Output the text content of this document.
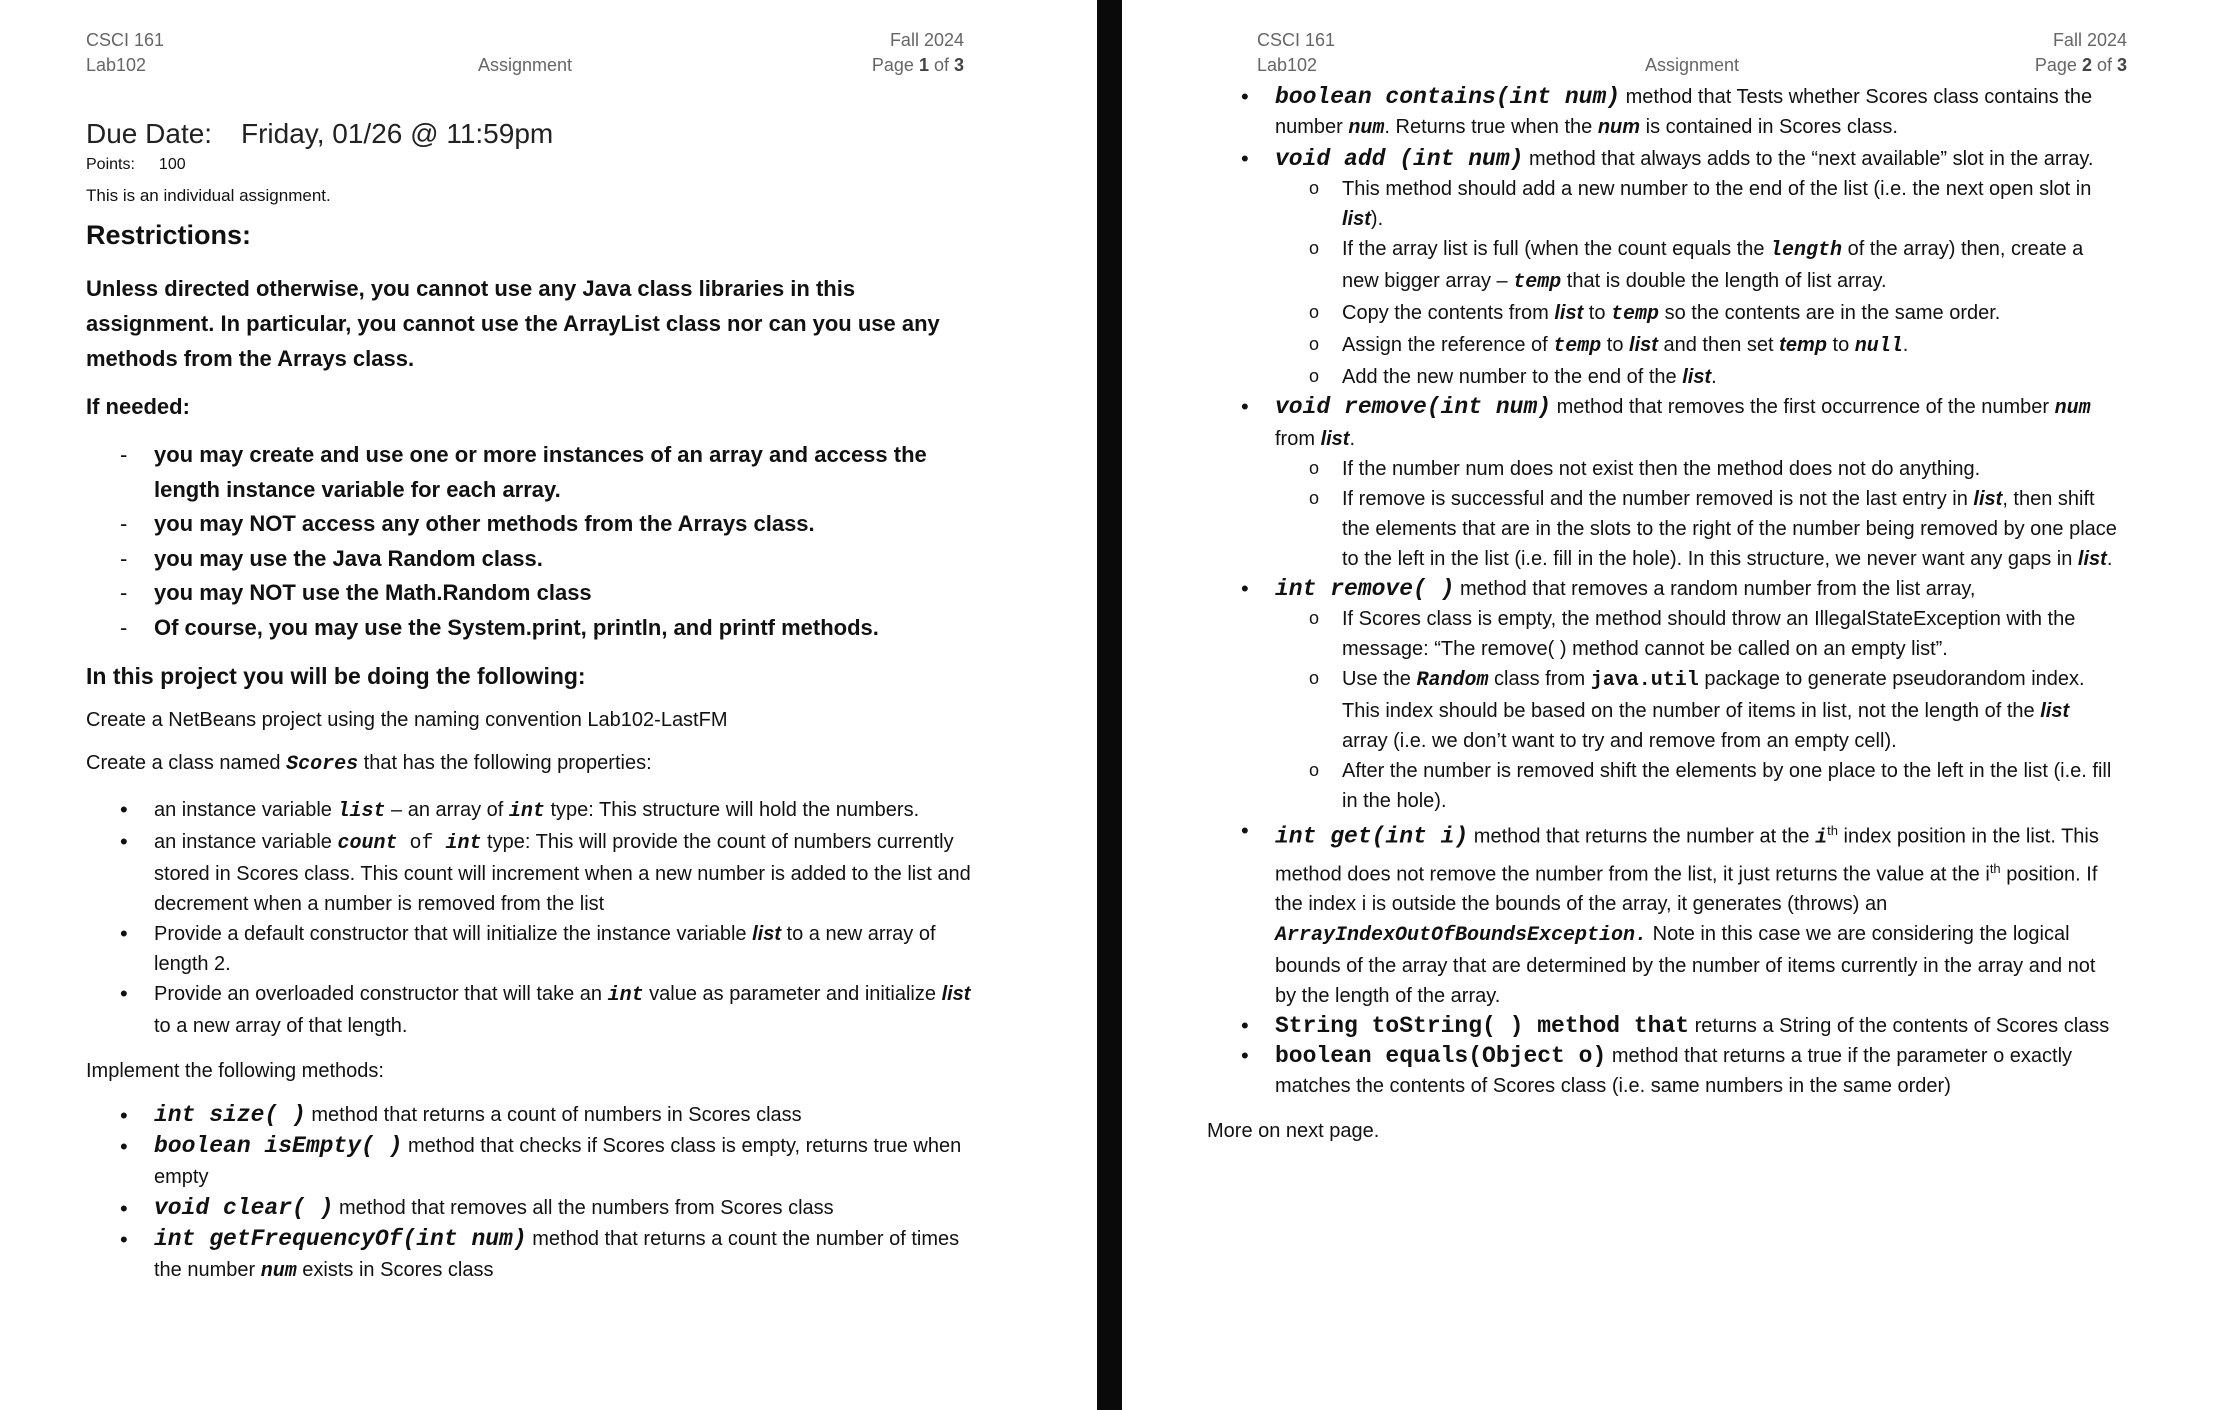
CSCI 161
Lab102	Assignment
Fall 2024
Page 1 of 3
Due Date: Friday, 01/26 @ 11:59pm
Points: 100
This is an individual assignment.
Restrictions:
Unless directed otherwise, you cannot use any Java class libraries in this assignment. In particular, you cannot use the ArrayList class nor can you use any methods from the Arrays class.
If needed:
- you may create and use one or more instances of an array and access the length instance variable for each array.
- you may NOT access any other methods from the Arrays class.
- you may use the Java Random class.
- you may NOT use the Math.Random class
- Of course, you may use the System.print, println, and printf methods.
In this project you will be doing the following:
Create a NetBeans project using the naming convention Lab102-LastFM
Create a class named Scores that has the following properties:
• an instance variable list – an array of int type: This structure will hold the numbers.
• an instance variable count of int type: This will provide the count of numbers currently stored in Scores class. This count will increment when a new number is added to the list and decrement when a number is removed from the list
• Provide a default constructor that will initialize the instance variable list to a new array of length 2.
• Provide an overloaded constructor that will take an int value as parameter and initialize list to a new array of that length.
Implement the following methods:
• int size( ) method that returns a count of numbers in Scores class
• boolean isEmpty( ) method that checks if Scores class is empty, returns true when empty
• void clear( ) method that removes all the numbers from Scores class
• int getFrequencyOf(int num) method that returns a count the number of times the number num exists in Scores class
CSCI 161
Lab102	Assignment
Fall 2024
Page 2 of 3
• boolean contains(int num) method that Tests whether Scores class contains the number num. Returns true when the num is contained in Scores class.
• void add (int num) method that always adds to the “next available” slot in the array.
o This method should add a new number to the end of the list (i.e. the next open slot in list).
o If the array list is full (when the count equals the length of the array) then, create a new bigger array – temp that is double the length of list array.
o Copy the contents from list to temp so the contents are in the same order.
o Assign the reference of temp to list and then set temp to null.
o Add the new number to the end of the list.
• void remove(int num) method that removes the first occurrence of the number num from list.
o If the number num does not exist then the method does not do anything.
o If remove is successful and the number removed is not the last entry in list, then shift the elements that are in the slots to the right of the number being removed by one place to the left in the list (i.e. fill in the hole). In this structure, we never want any gaps in list.
• int remove( ) method that removes a random number from the list array,
o If Scores class is empty, the method should throw an IllegalStateException with the message: “The remove( ) method cannot be called on an empty list”.
o Use the Random class from java.util package to generate pseudorandom index. This index should be based on the number of items in list, not the length of the list array (i.e. we don’t want to try and remove from an empty cell).
o After the number is removed shift the elements by one place to the left in the list (i.e. fill in the hole).
• int get(int i) method that returns the number at the $i^{th}$ index position in the list. This method does not remove the number from the list, it just returns the value at the $i^{th}$ position. If the index i is outside the bounds of the array, it generates (throws) an ArrayIndexOutOfBoundsException. Note in this case we are considering the logical bounds of the array that are determined by the number of items currently in the array and not by the length of the array.
• String toString( ) method that returns a String of the contents of Scores class
• boolean equals(Object o) method that returns a true if the parameter o exactly matches the contents of Scores class (i.e. same numbers in the same order)
More on next page.
